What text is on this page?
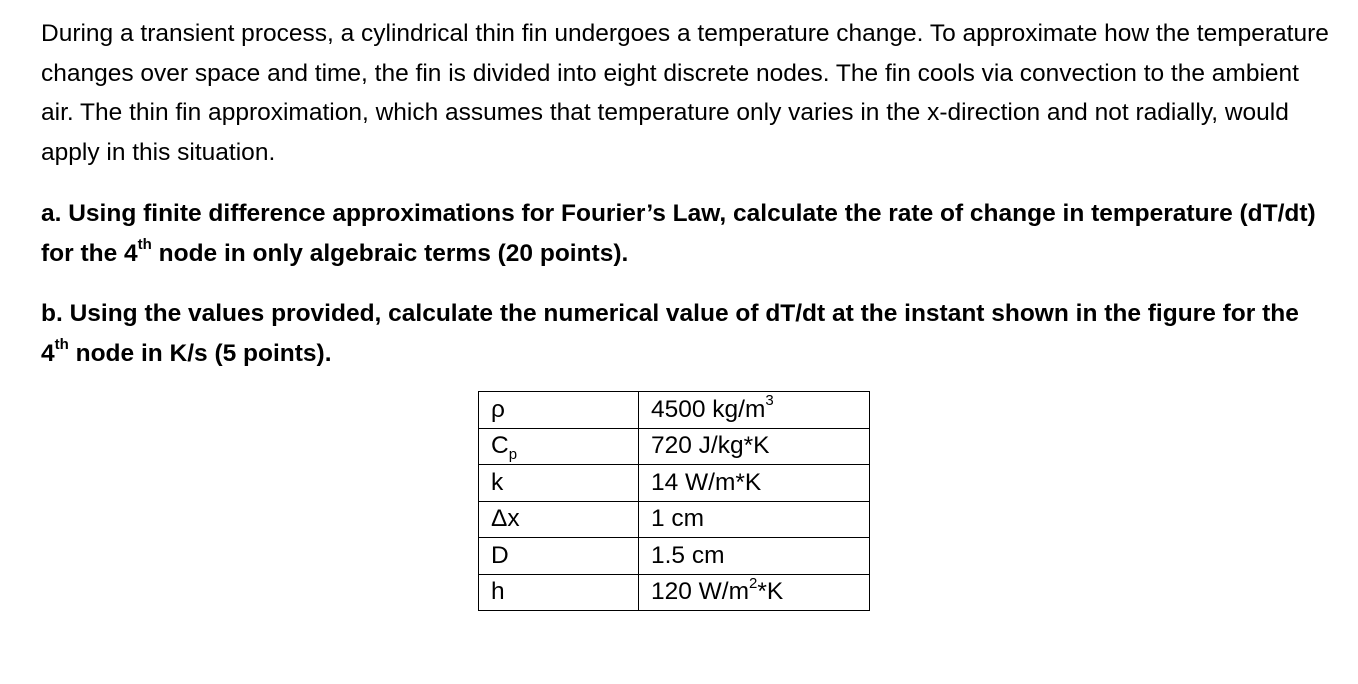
During a transient process, a cylindrical thin fin undergoes a temperature change. To approximate how the temperature changes over space and time, the fin is divided into eight discrete nodes. The fin cools via convection to the ambient air. The thin fin approximation, which assumes that temperature only varies in the x-direction and not radially, would apply in this situation.

a. Using finite difference approximations for Fourier’s Law, calculate the rate of change in temperature (dT/dt) for the 4th node in only algebraic terms (20 points).

b. Using the values provided, calculate the numerical value of dT/dt at the instant shown in the figure for the 4th node in K/s (5 points).

ρ	4500 $kg/m^3$
$C_p$	720 J/kg*K
k	14 W/m*K
Δx	1 cm
D	1.5 cm
h	120 $W/m^2*K$
